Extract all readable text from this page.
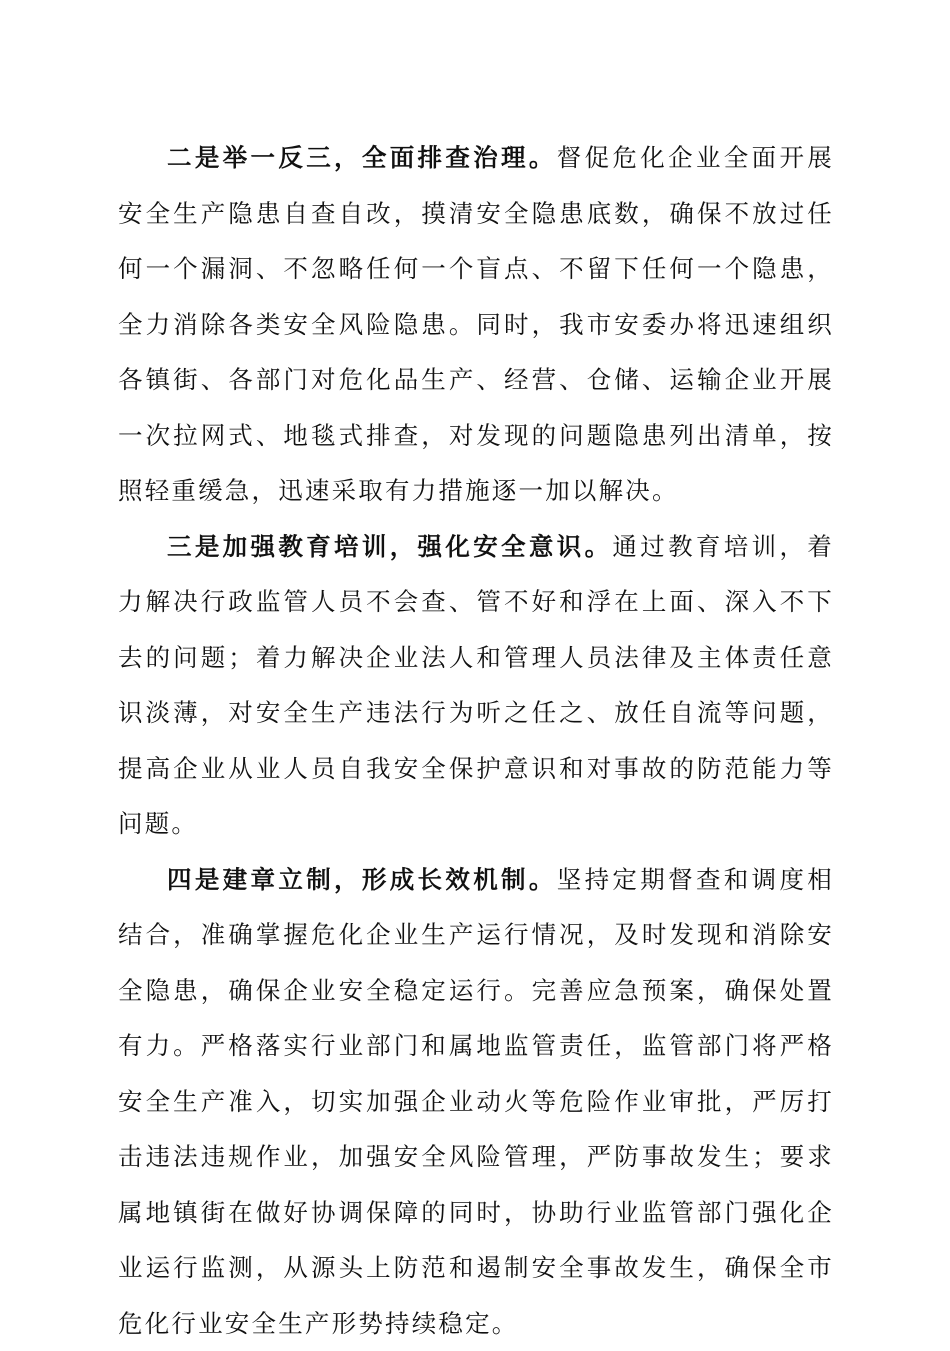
二是举一反三，全面排查治理。督促危化企业全面开展安全生产隐患自查自改，摸清安全隐患底数，确保不放过任何一个漏洞、不忽略任何一个盲点、不留下任何一个隐患，全力消除各类安全风险隐患。同时，我市安委办将迅速组织各镇街、各部门对危化品生产、经营、仓储、运输企业开展一次拉网式、地毯式排查，对发现的问题隐患列出清单，按照轻重缓急，迅速采取有力措施逐一加以解决。

三是加强教育培训，强化安全意识。通过教育培训，着力解决行政监管人员不会查、管不好和浮在上面、深入不下去的问题；着力解决企业法人和管理人员法律及主体责任意识淡薄，对安全生产违法行为听之任之、放任自流等问题，提高企业从业人员自我安全保护意识和对事故的防范能力等问题。

四是建章立制，形成长效机制。坚持定期督查和调度相结合，准确掌握危化企业生产运行情况，及时发现和消除安全隐患，确保企业安全稳定运行。完善应急预案，确保处置有力。严格落实行业部门和属地监管责任，监管部门将严格安全生产准入，切实加强企业动火等危险作业审批，严厉打击违法违规作业，加强安全风险管理，严防事故发生；要求属地镇街在做好协调保障的同时，协助行业监管部门强化企业运行监测，从源头上防范和遏制安全事故发生，确保全市危化行业安全生产形势持续稳定。
